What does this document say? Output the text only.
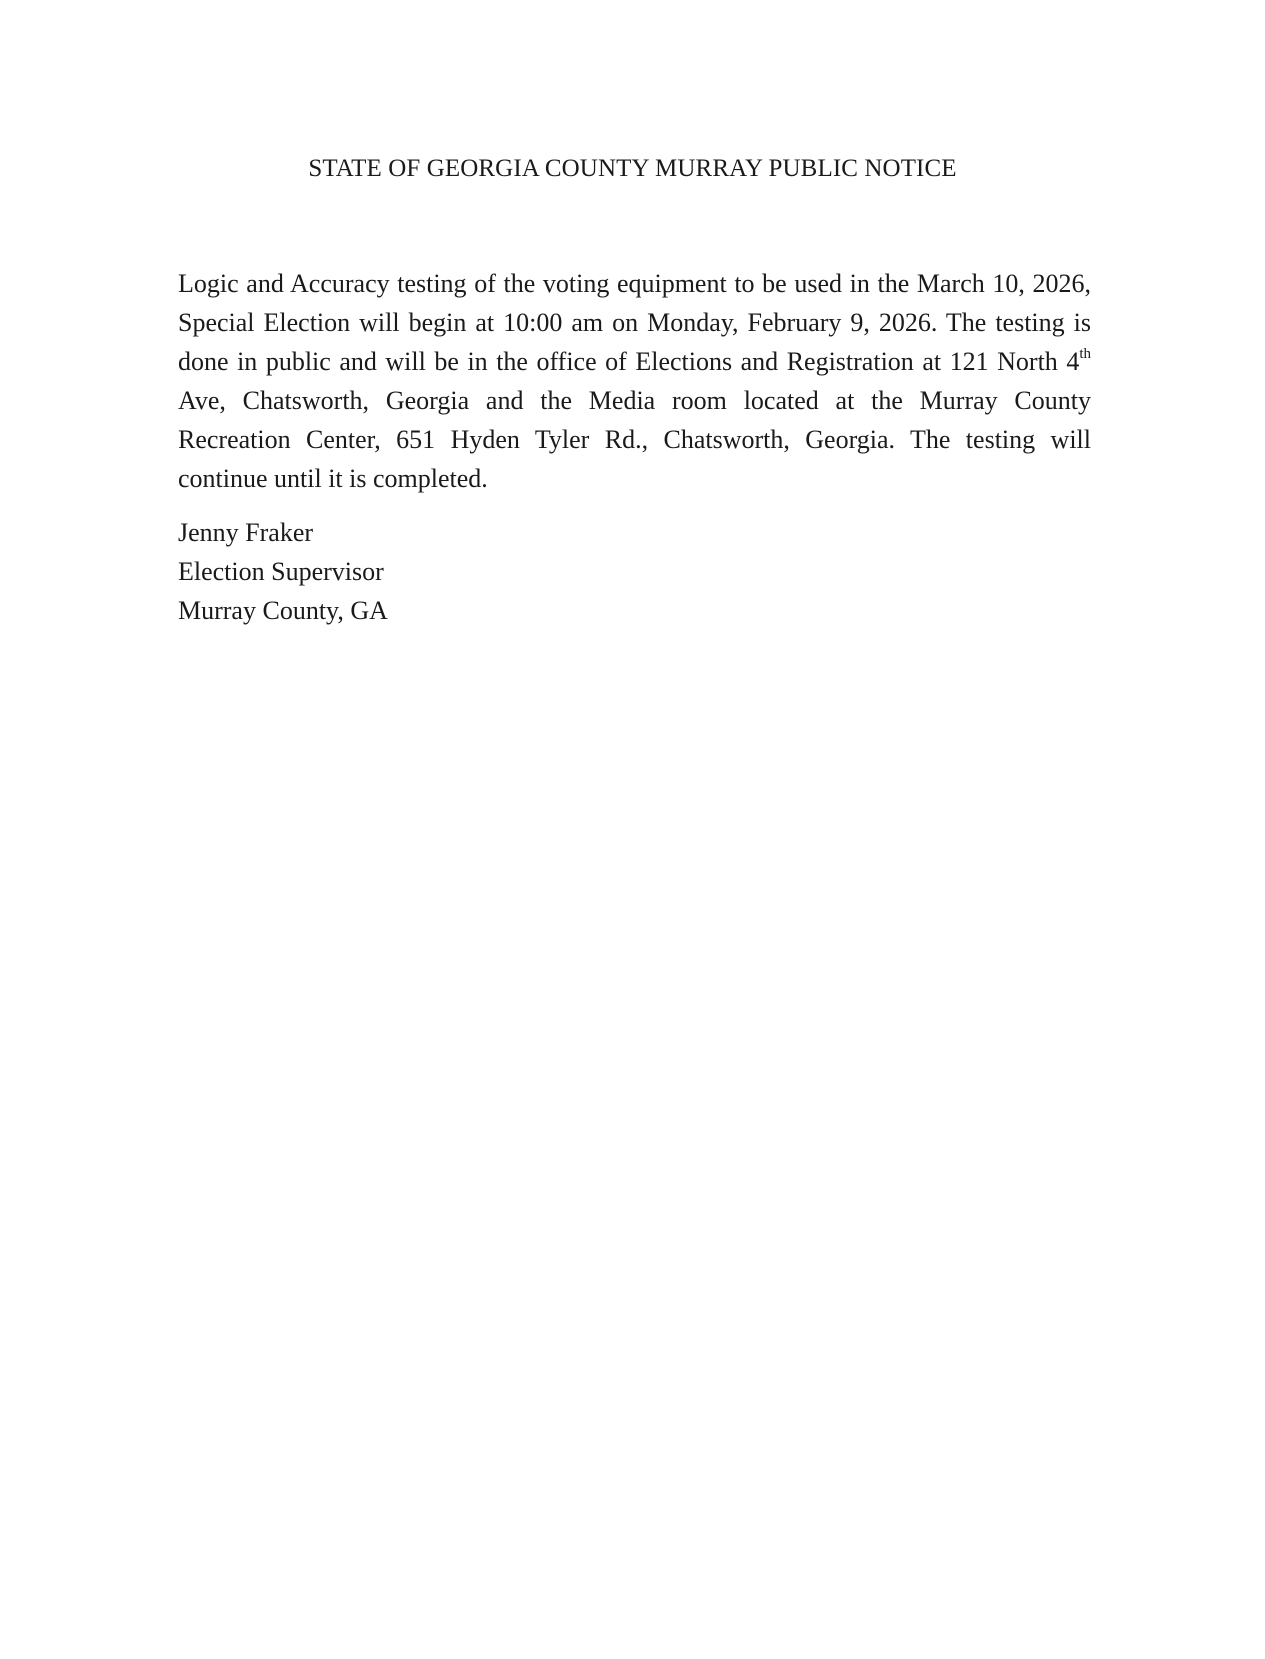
STATE OF GEORGIA COUNTY MURRAY PUBLIC NOTICE

Logic and Accuracy testing of the voting equipment to be used in the March 10, 2026, Special Election will begin at 10:00 am on Monday, February 9, 2026. The testing is done in public and will be in the office of Elections and Registration at 121 North 4th Ave, Chatsworth, Georgia and the Media room located at the Murray County Recreation Center, 651 Hyden Tyler Rd., Chatsworth, Georgia. The testing will continue until it is completed.

Jenny Fraker
Election Supervisor
Murray County, GA
